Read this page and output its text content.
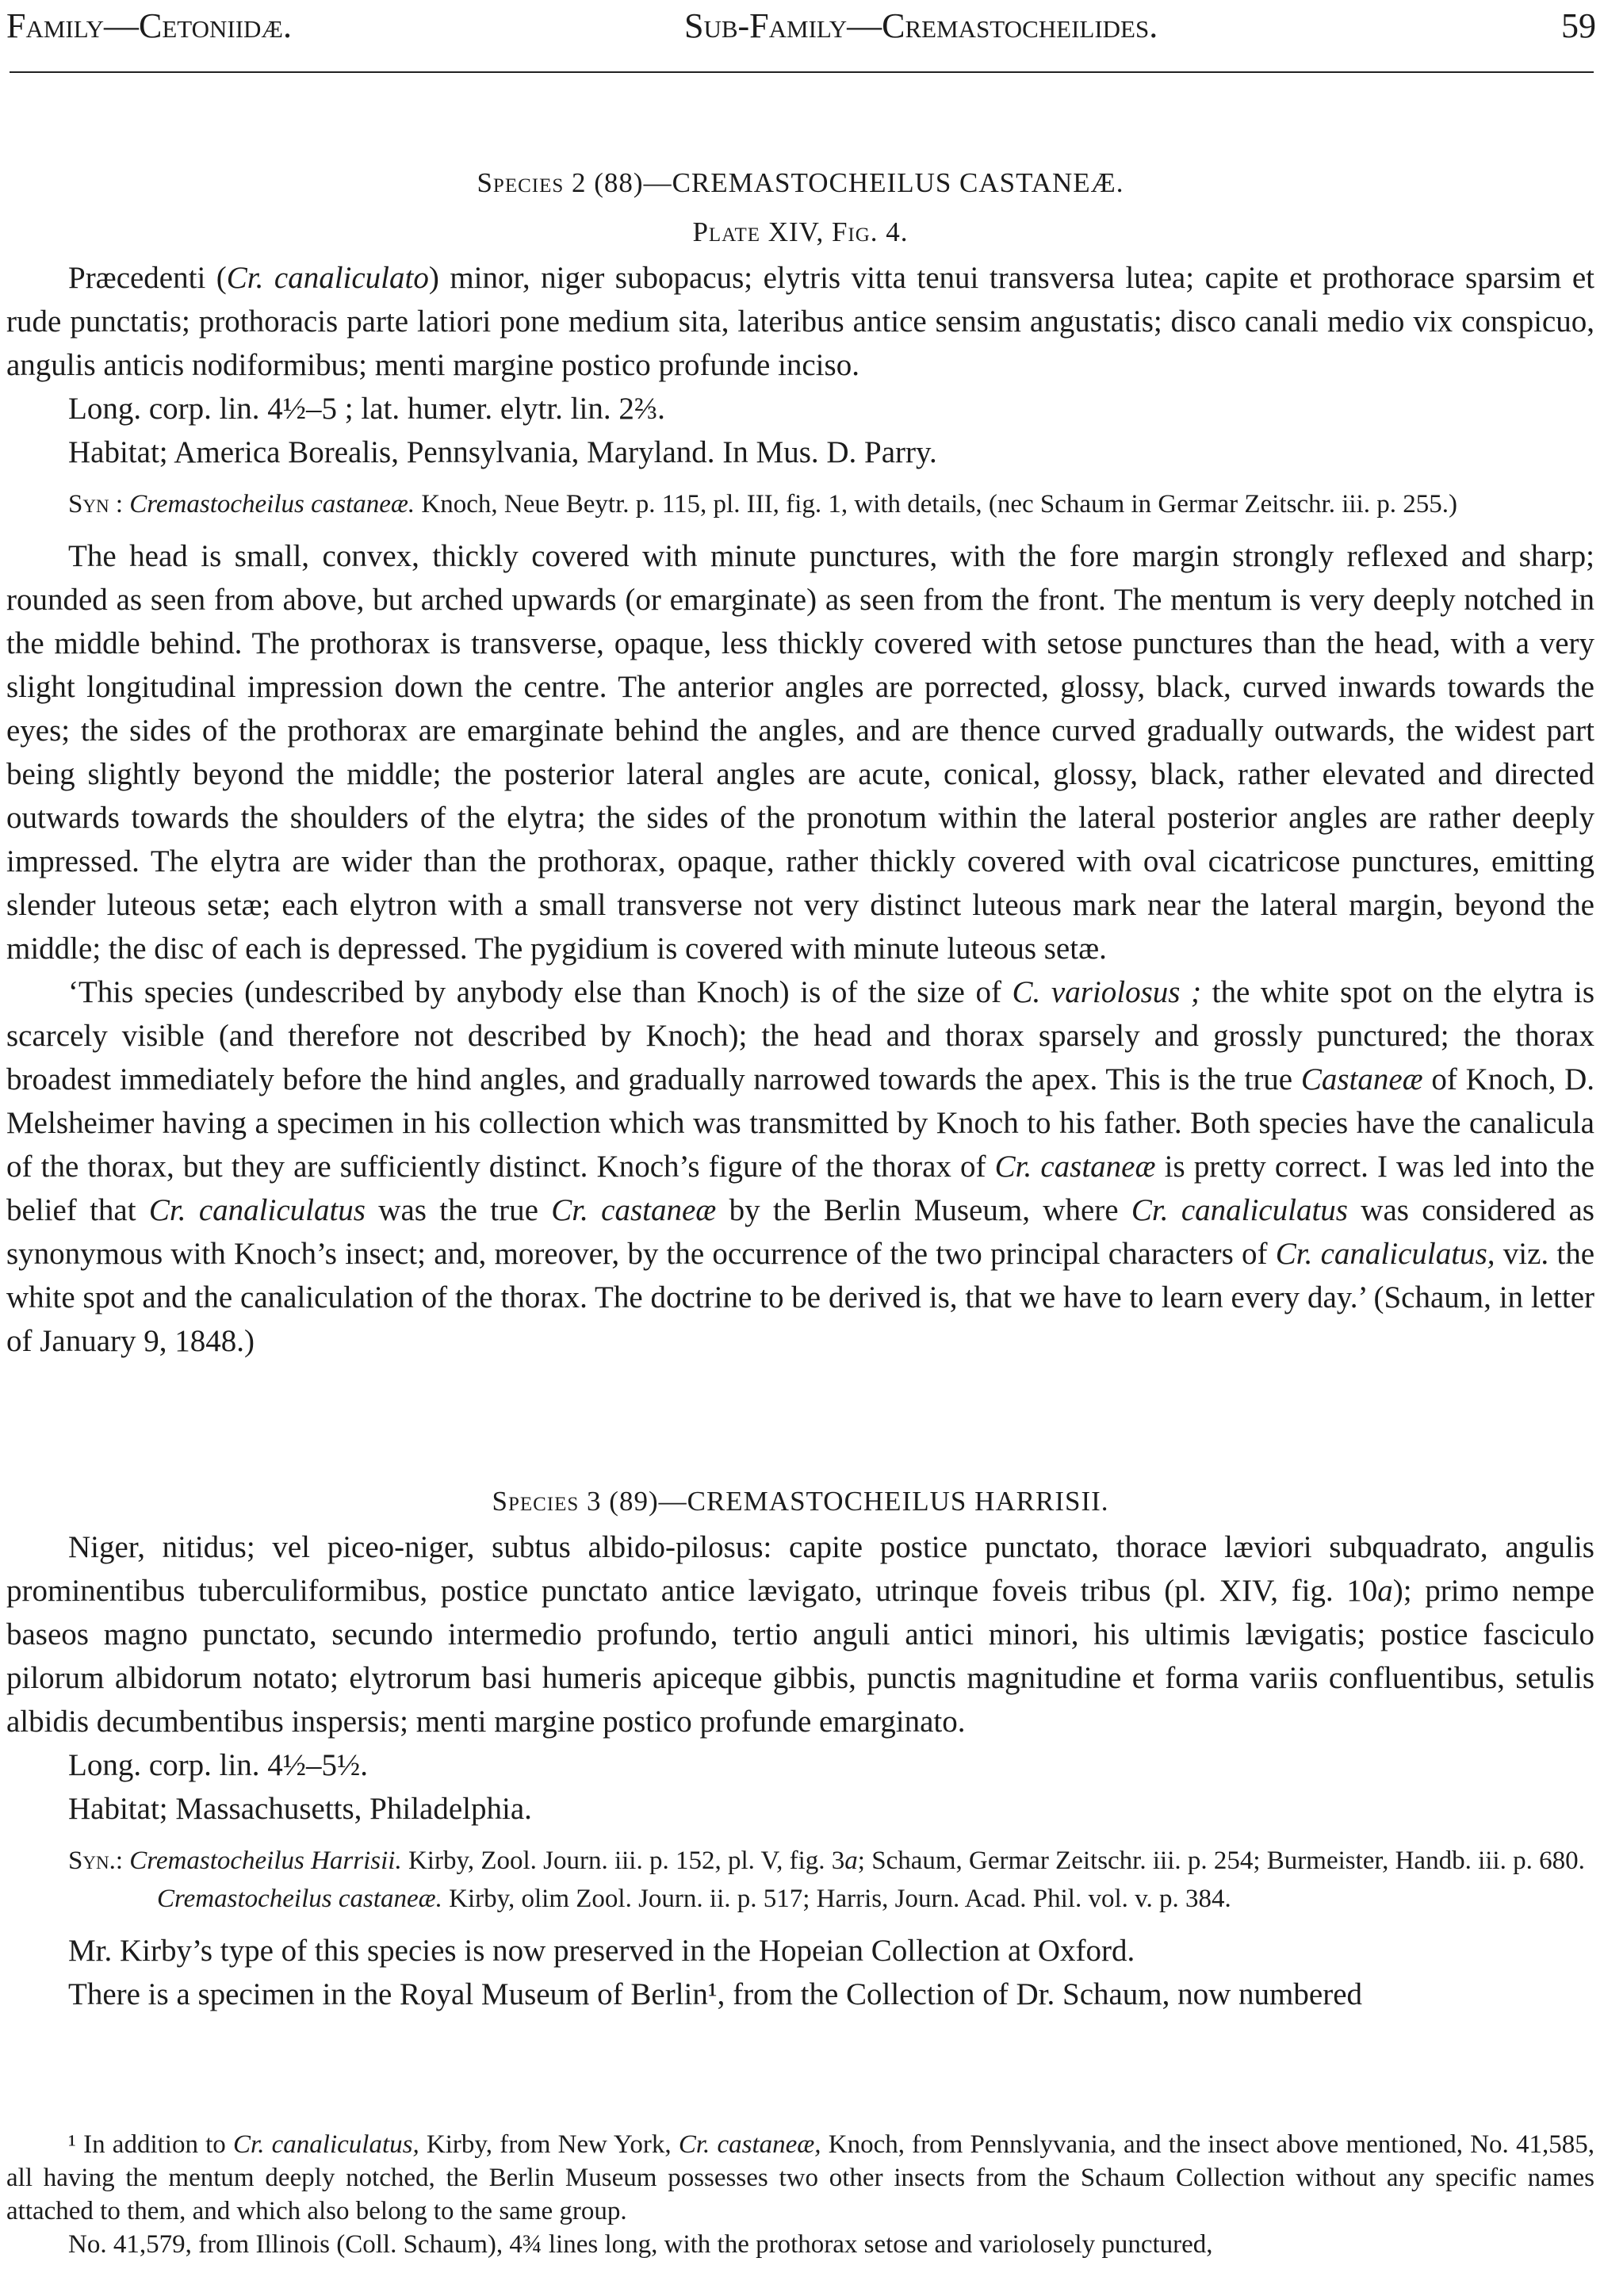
Family—Cetoniidæ.	Sub-Family—Cremastocheilides.	59
Species 2 (88)—CREMASTOCHEILUS CASTANEÆ.
Plate XIV, Fig. 4.

Præcedenti (Cr. canaliculato) minor, niger subopacus; elytris vitta tenui transversa lutea; capite et prothorace sparsim et rude punctatis; prothoracis parte latiori pone medium sita, lateribus antice sensim angustatis; disco canali medio vix conspicuo, angulis anticis nodiformibus; menti margine postico profunde inciso.

Long. corp. lin. 4½–5 ; lat. humer. elytr. lin. 2⅔.

Habitat; America Borealis, Pennsylvania, Maryland. In Mus. D. Parry.

Syn : Cremastocheilus castaneæ. Knoch, Neue Beytr. p. 115, pl. III, fig. 1, with details, (nec Schaum in Germar Zeitschr. iii. p. 255.)

The head is small, convex, thickly covered with minute punctures, with the fore margin strongly reflexed and sharp; rounded as seen from above, but arched upwards (or emarginate) as seen from the front. The mentum is very deeply notched in the middle behind. The prothorax is transverse, opaque, less thickly covered with setose punctures than the head, with a very slight longitudinal impression down the centre. The anterior angles are porrected, glossy, black, curved inwards towards the eyes; the sides of the prothorax are emarginate behind the angles, and are thence curved gradually outwards, the widest part being slightly beyond the middle; the posterior lateral angles are acute, conical, glossy, black, rather elevated and directed outwards towards the shoulders of the elytra; the sides of the pronotum within the lateral posterior angles are rather deeply impressed. The elytra are wider than the prothorax, opaque, rather thickly covered with oval cicatricose punctures, emitting slender luteous setæ; each elytron with a small transverse not very distinct luteous mark near the lateral margin, beyond the middle; the disc of each is depressed. The pygidium is covered with minute luteous setæ.

‘This species (undescribed by anybody else than Knoch) is of the size of C. variolosus ; the white spot on the elytra is scarcely visible (and therefore not described by Knoch); the head and thorax sparsely and grossly punctured; the thorax broadest immediately before the hind angles, and gradually narrowed towards the apex. This is the true Castaneæ of Knoch, D. Melsheimer having a specimen in his collection which was transmitted by Knoch to his father. Both species have the canalicula of the thorax, but they are sufficiently distinct. Knoch’s figure of the thorax of Cr. castaneæ is pretty correct. I was led into the belief that Cr. canaliculatus was the true Cr. castaneæ by the Berlin Museum, where Cr. canaliculatus was considered as synonymous with Knoch’s insect; and, moreover, by the occurrence of the two principal characters of Cr. canaliculatus, viz. the white spot and the canaliculation of the thorax. The doctrine to be derived is, that we have to learn every day.’ (Schaum, in letter of January 9, 1848.)

Species 3 (89)—CREMASTOCHEILUS HARRISII.

Niger, nitidus; vel piceo-niger, subtus albido-pilosus: capite postice punctato, thorace læviori subquadrato, angulis prominentibus tuberculiformibus, postice punctato antice lævigato, utrinque foveis tribus (pl. XIV, fig. 10a); primo nempe baseos magno punctato, secundo intermedio profundo, tertio anguli antici minori, his ultimis lævigatis; postice fasciculo pilorum albidorum notato; elytrorum basi humeris apiceque gibbis, punctis magnitudine et forma variis confluentibus, setulis albidis decumbentibus inspersis; menti margine postico profunde emarginato.

Long. corp. lin. 4½–5½.

Habitat; Massachusetts, Philadelphia.

Syn.: Cremastocheilus Harrisii. Kirby, Zool. Journ. iii. p. 152, pl. V, fig. 3a; Schaum, Germar Zeitschr. iii. p. 254; Burmeister, Handb. iii. p. 680.

Cremastocheilus castaneæ. Kirby, olim Zool. Journ. ii. p. 517; Harris, Journ. Acad. Phil. vol. v. p. 384.

Mr. Kirby’s type of this species is now preserved in the Hopeian Collection at Oxford.

There is a specimen in the Royal Museum of Berlin¹, from the Collection of Dr. Schaum, now numbered

¹ In addition to Cr. canaliculatus, Kirby, from New York, Cr. castaneæ, Knoch, from Pennslyvania, and the insect above mentioned, No. 41,585, all having the mentum deeply notched, the Berlin Museum possesses two other insects from the Schaum Collection without any specific names attached to them, and which also belong to the same group.

No. 41,579, from Illinois (Coll. Schaum), 4¾ lines long, with the prothorax setose and variolosely punctured,
